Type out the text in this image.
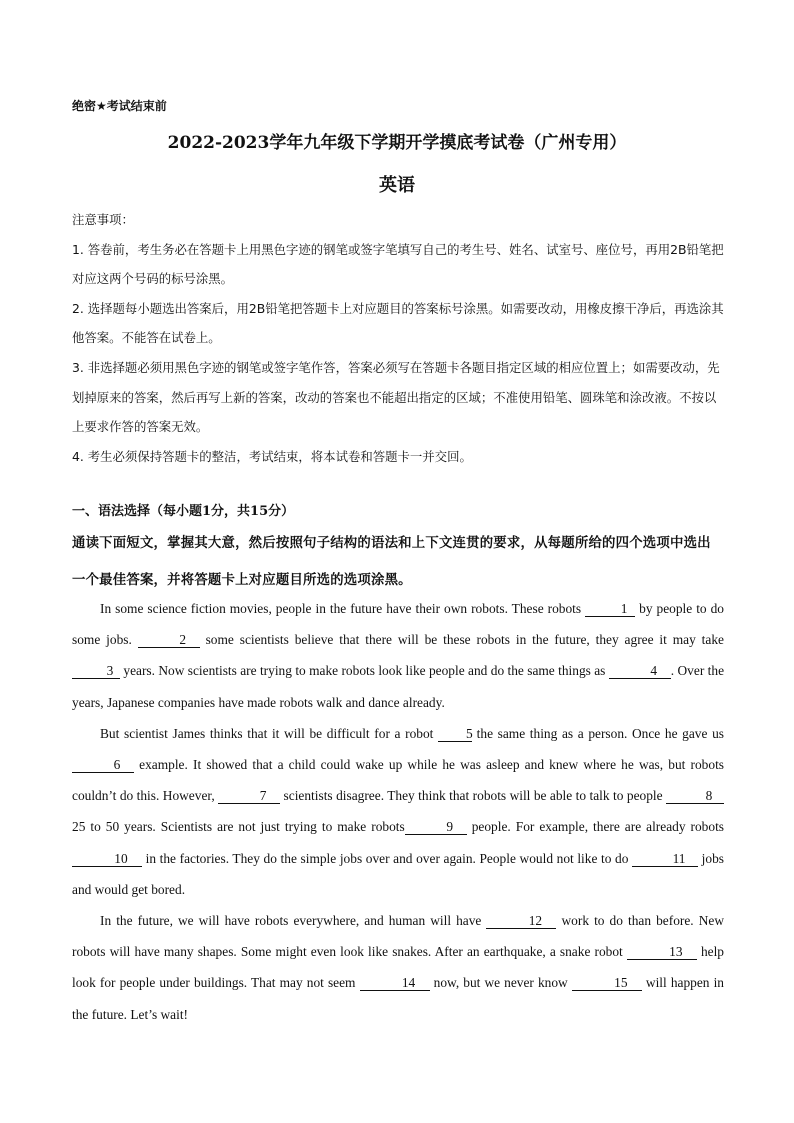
绝密★考试结束前
2022-2023学年九年级下学期开学摸底考试卷（广州专用）
英语
注意事项：
1. 答卷前，考生务必在答题卡上用黑色字迹的钢笔或签字笔填写自己的考生号、姓名、试室号、座位号，再用2B铅笔把对应这两个号码的标号涂黑。
2. 选择题每小题选出答案后，用2B铅笔把答题卡上对应题目的答案标号涂黑。如需要改动，用橡皮擦干净后，再选涂其他答案。不能答在试卷上。
3. 非选择题必须用黑色字迹的钢笔或签字笔作答，答案必须写在答题卡各题目指定区域的相应位置上；如需要改动，先划掉原来的答案，然后再写上新的答案，改动的答案也不能超出指定的区域；不准使用铅笔、圆珠笔和涂改液。不按以上要求作答的答案无效。
4. 考生必须保持答题卡的整洁，考试结束，将本试卷和答题卡一并交回。
一、语法选择（每小题1分，共15分）
通读下面短文，掌握其大意，然后按照句子结构的语法和上下文连贯的要求，从每题所给的四个选项中选出一个最佳答案，并将答题卡上对应题目所选的选项涂黑。

In some science fiction movies, people in the future have their own robots. These robots	1 by people to do some jobs.	2 some scientists believe that there will be these robots in the future, they agree it may take 3 years. Now scientists are trying to make robots look like people and do the same things as	4 . Over the years, Japanese companies have made robots walk and dance already.

But scientist James thinks that it will be difficult for a robot 5 the same thing as a person. Once he gave us 6 example. It showed that a child could wake up while he was asleep and knew where he was, but robots couldn’t do this. However,	7 scientists disagree. They think that robots will be able to talk to people	8 25 to 50 years. Scientists are not just trying to make robots	9 people. For example, there are already robots 10 in the factories. They do the simple jobs over and over again. People would not like to do	11 jobs and would get bored.

In the future, we will have robots everywhere, and human will have	12 work to do than before. New robots will have many shapes. Some might even look like snakes. After an earthquake, a snake robot	13 help look for people under buildings. That may not seem	14 now, but we never know	15 will happen in the future. Let’s wait!
